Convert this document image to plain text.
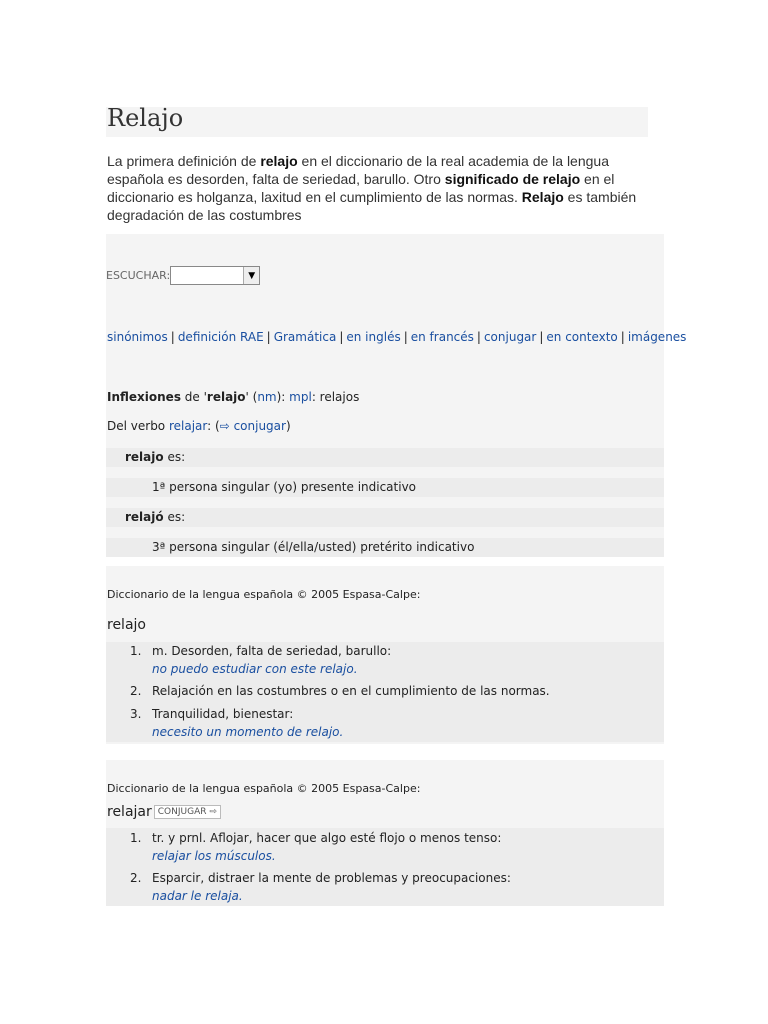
Relajo

La primera definición de relajo en el diccionario de la real academia de la lengua española es desorden, falta de seriedad, barullo. Otro significado de relajo en el diccionario es holganza, laxitud en el cumplimiento de las normas. Relajo es también degradación de las costumbres

ESCUCHAR:	▼
sinónimos | definición RAE | Gramática | en inglés | en francés | conjugar | en contexto | imágenes
Inflexiones de 'relajo' (nm): mpl: relajos
Del verbo relajar: (⇨ conjugar)
relajo es:
1ª persona singular (yo) presente indicativo
relajó es:
3ª persona singular (él/ella/usted) pretérito indicativo
Diccionario de la lengua española © 2005 Espasa-Calpe:
relajo
1. m. Desorden, falta de seriedad, barullo:
no puedo estudiar con este relajo.
2. Relajación en las costumbres o en el cumplimiento de las normas.
3. Tranquilidad, bienestar:
necesito un momento de relajo.
Diccionario de la lengua española © 2005 Espasa-Calpe:
relajar CONJUGAR ⇨
1. tr. y prnl. Aflojar, hacer que algo esté flojo o menos tenso:
relajar los músculos.
2. Esparcir, distraer la mente de problemas y preocupaciones:
nadar le relaja.
